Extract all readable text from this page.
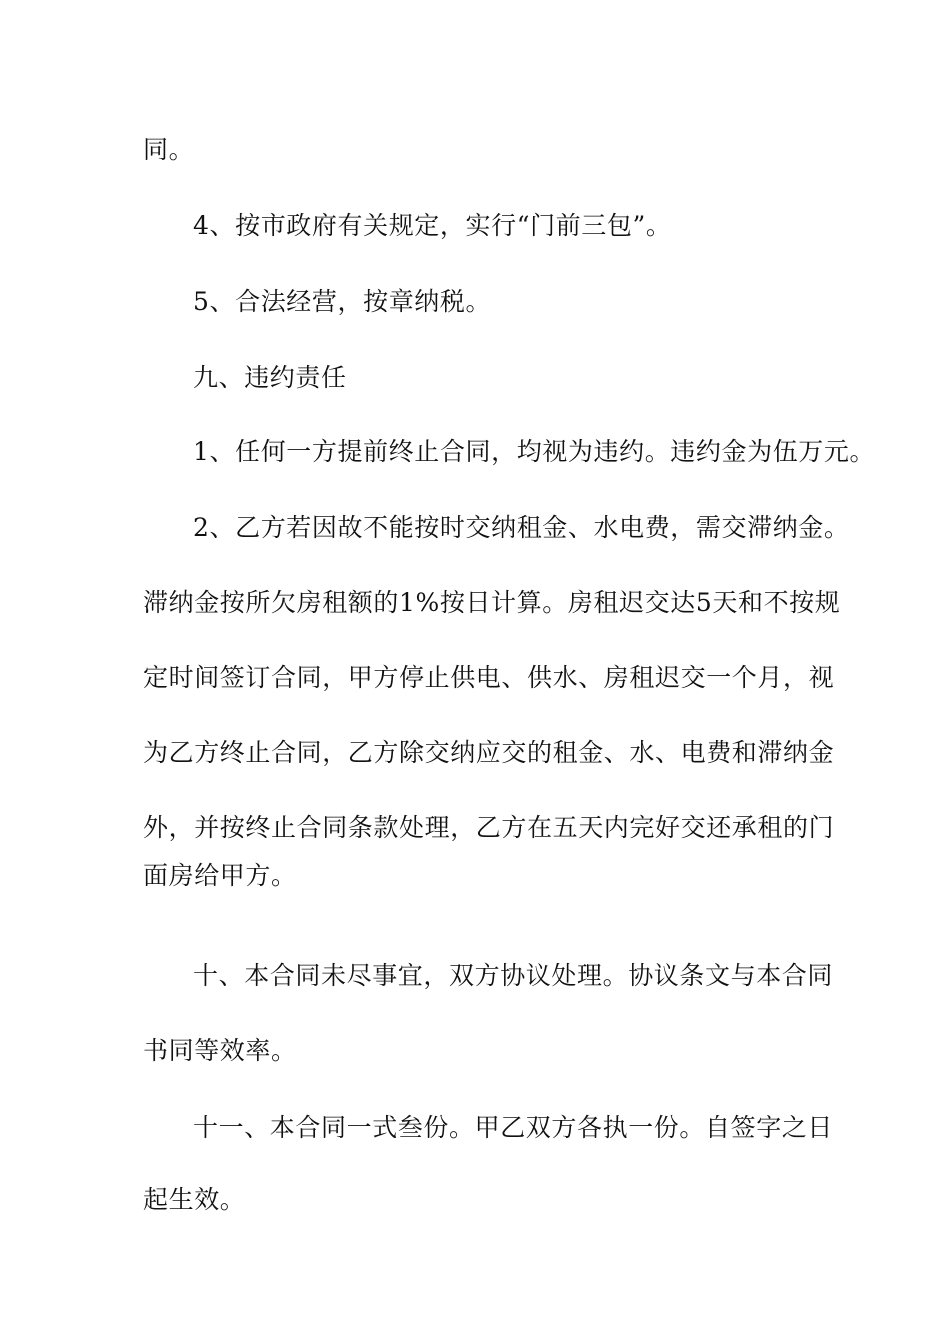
同。
4、按市政府有关规定，实行“门前三包”。
5、合法经营，按章纳税。
九、违约责任
1、任何一方提前终止合同，均视为违约。违约金为伍万元。
2、乙方若因故不能按时交纳租金、水电费，需交滞纳金。
滞纳金按所欠房租额的1%按日计算。房租迟交达5天和不按规
定时间签订合同，甲方停止供电、供水、房租迟交一个月，视
为乙方终止合同，乙方除交纳应交的租金、水、电费和滞纳金
外，并按终止合同条款处理，乙方在五天内完好交还承租的门
面房给甲方。
十、本合同未尽事宜，双方协议处理。协议条文与本合同
书同等效率。
十一、本合同一式叁份。甲乙双方各执一份。自签字之日
起生效。
